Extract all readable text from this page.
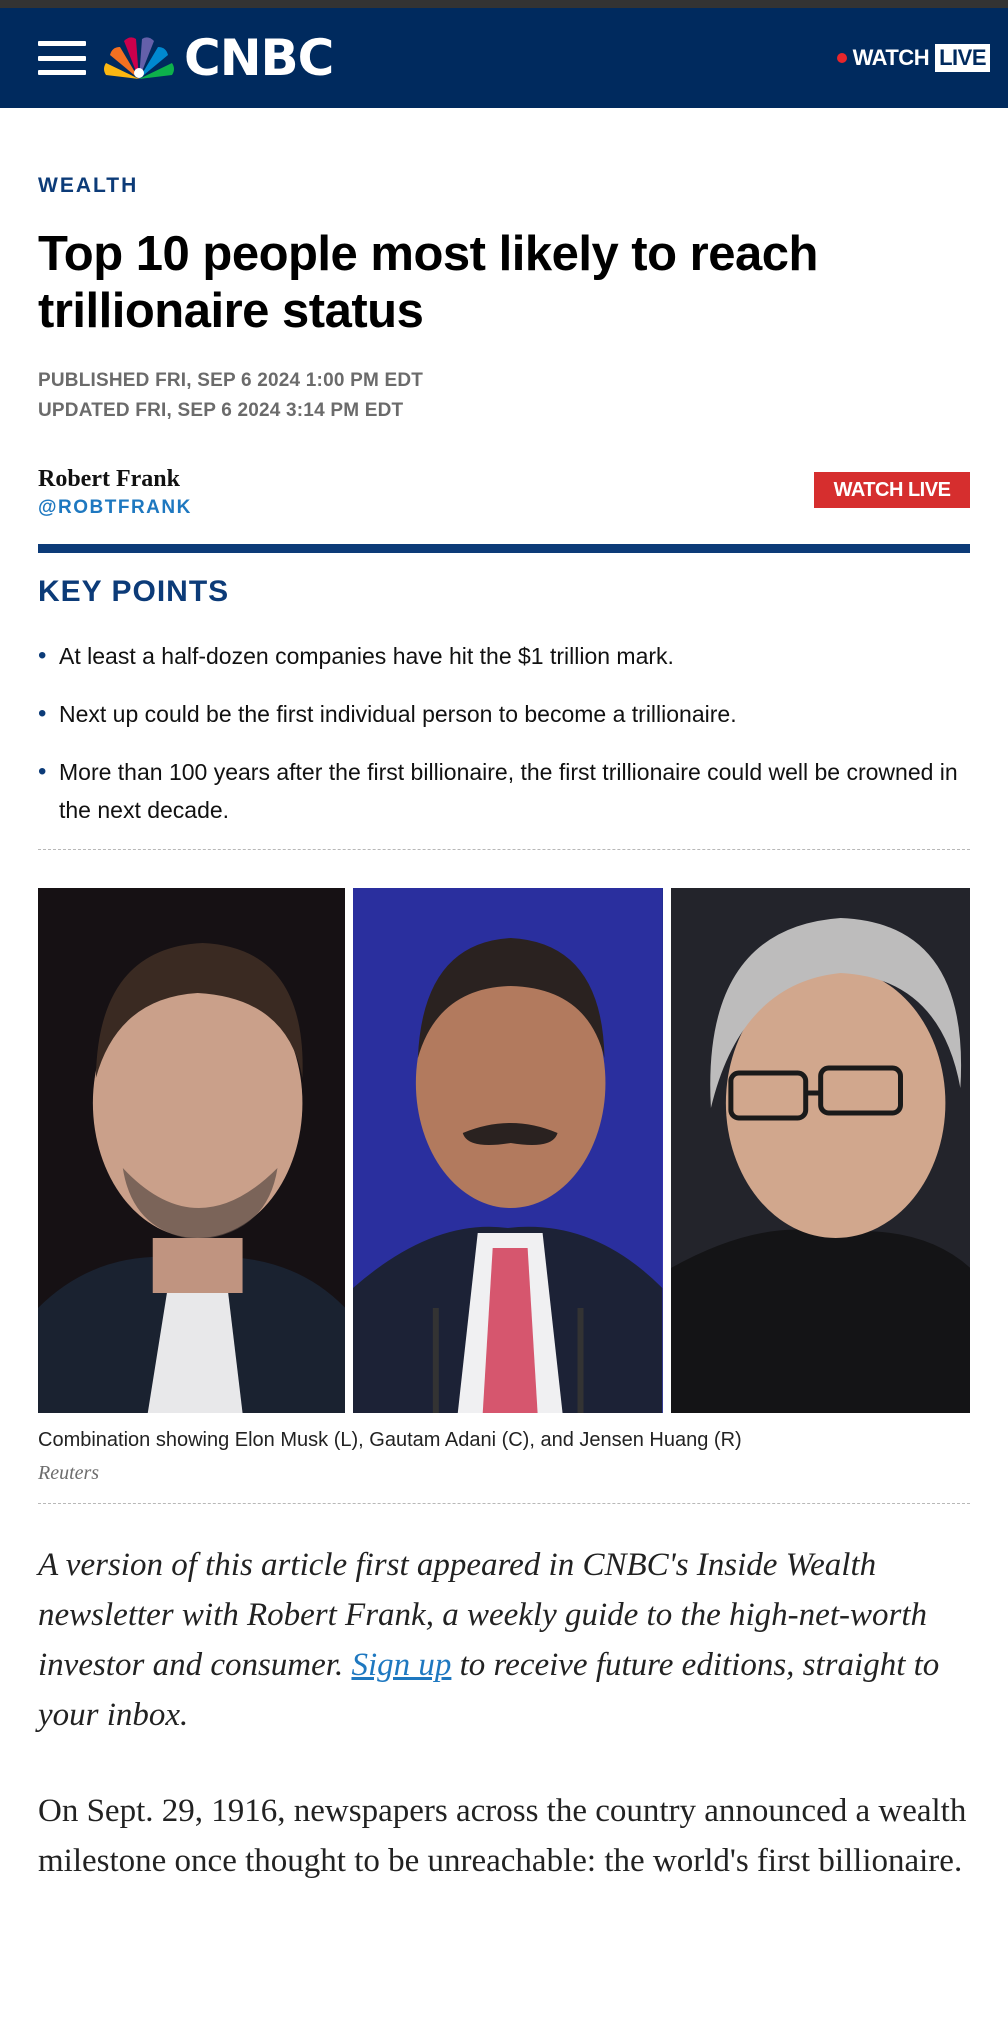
CNBC	WATCH LIVE
WEALTH
Top 10 people most likely to reach trillionaire status
PUBLISHED FRI, SEP 6 2024 1:00 PM EDT
UPDATED FRI, SEP 6 2024 3:14 PM EDT
Robert Frank
@ROBTFRANK
WATCH LIVE
KEY POINTS
• At least a half-dozen companies have hit the $1 trillion mark.
• Next up could be the first individual person to become a trillionaire.
• More than 100 years after the first billionaire, the first trillionaire could well be crowned in the next decade.
Combination showing Elon Musk (L), Gautam Adani (C), and Jensen Huang (R)
Reuters

A version of this article first appeared in CNBC's Inside Wealth newsletter with Robert Frank, a weekly guide to the high-net-worth investor and consumer. Sign up to receive future editions, straight to your inbox.

On Sept. 29, 1916, newspapers across the country announced a wealth milestone once thought to be unreachable: the world's first billionaire.
